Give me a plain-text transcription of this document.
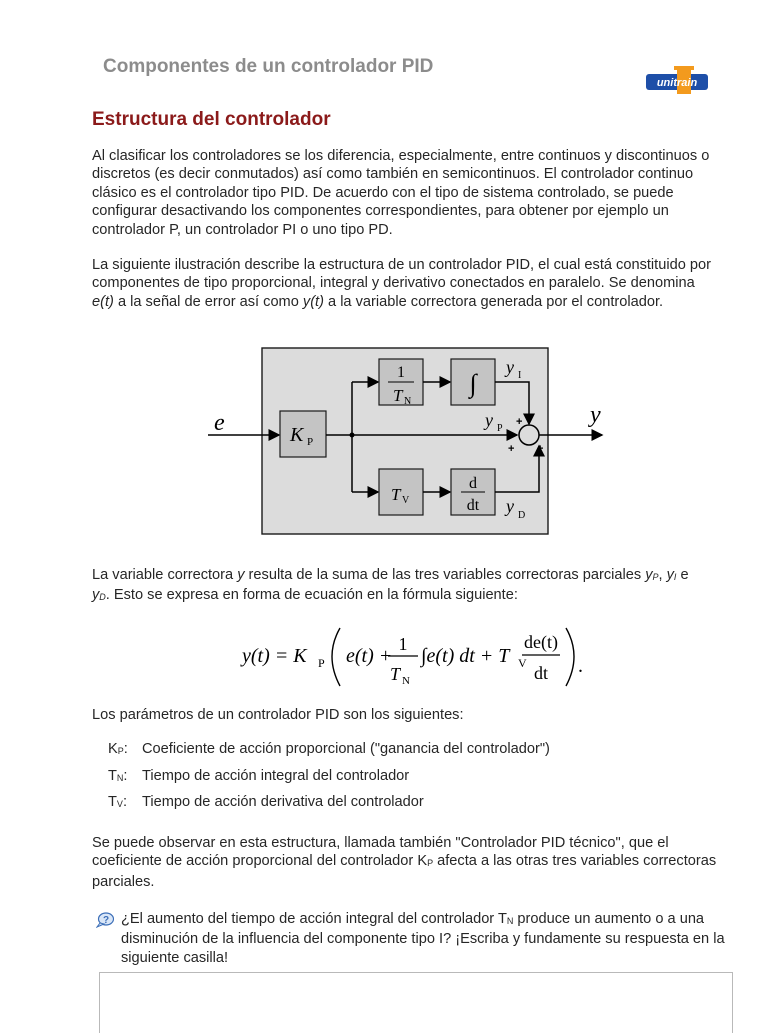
Componentes de un controlador PID
unitrain
Estructura del controlador

Al clasificar los controladores se los diferencia, especialmente, entre continuos y discontinuos o discretos (es decir conmutados) así como también en semicontinuos. El controlador continuo clásico es el controlador tipo PID. De acuerdo con el tipo de sistema controlado, se puede configurar desactivando los componentes correspondientes, para obtener por ejemplo un controlador P, un controlador PI o uno tipo PD.

La siguiente ilustración describe la estructura de un controlador PID, el cual está constituido por componentes de tipo proporcional, integral y derivativo conectados en paralelo. Se denomina e(t) a la señal de error así como y(t) a la variable correctora generada por el controlador.

e	K P
1
T N
∫
y I
y P
T V
d
dt y D
+
+ +
y

La variable correctora y resulta de la suma de las tres variables correctoras parciales yP, yI e
yD. Esto se expresa en forma de ecuación en la fórmula siguiente:

y(t) = K P e(t) +
1
T N
∫e(t) dt + T V
de(t)
dt .

Los parámetros de un controlador PID son los siguientes:

KP: Coeficiente de acción proporcional ("ganancia del controlador")
TN: Tiempo de acción integral del controlador
TV:	Tiempo de acción derivativa del controlador

Se puede observar en esta estructura, llamada también "Controlador PID técnico", que el coeficiente de acción proporcional del controlador KP afecta a las otras tres variables correctoras parciales.

? ¿El aumento del tiempo de acción integral del controlador TN produce un aumento o a una disminución de la influencia del componente tipo I? ¡Escriba y fundamente su respuesta en la siguiente casilla!
